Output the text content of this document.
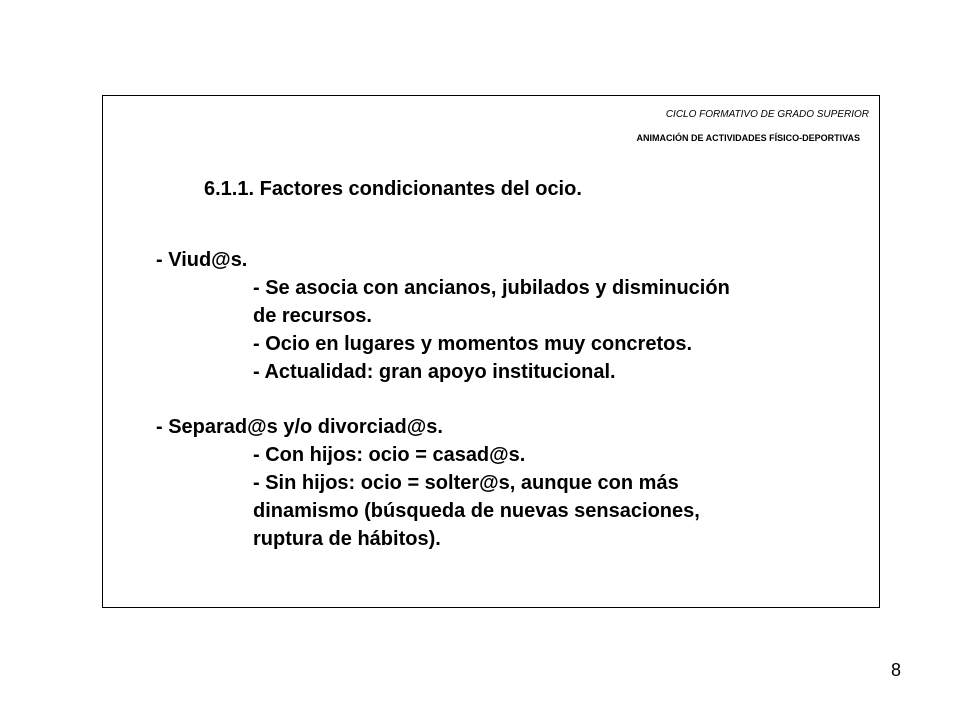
CICLO FORMATIVO DE GRADO SUPERIOR
ANIMACIÓN DE ACTIVIDADES FÍSICO-DEPORTIVAS
6.1.1. Factores condicionantes del ocio.
- Viud@s.
- Se asocia con ancianos, jubilados y disminución
de recursos.
- Ocio en lugares y momentos muy concretos.
- Actualidad: gran apoyo institucional.
- Separad@s y/o divorciad@s.
- Con hijos: ocio = casad@s.
- Sin hijos: ocio = solter@s, aunque con más
dinamismo (búsqueda de nuevas sensaciones,
ruptura de hábitos).
8
